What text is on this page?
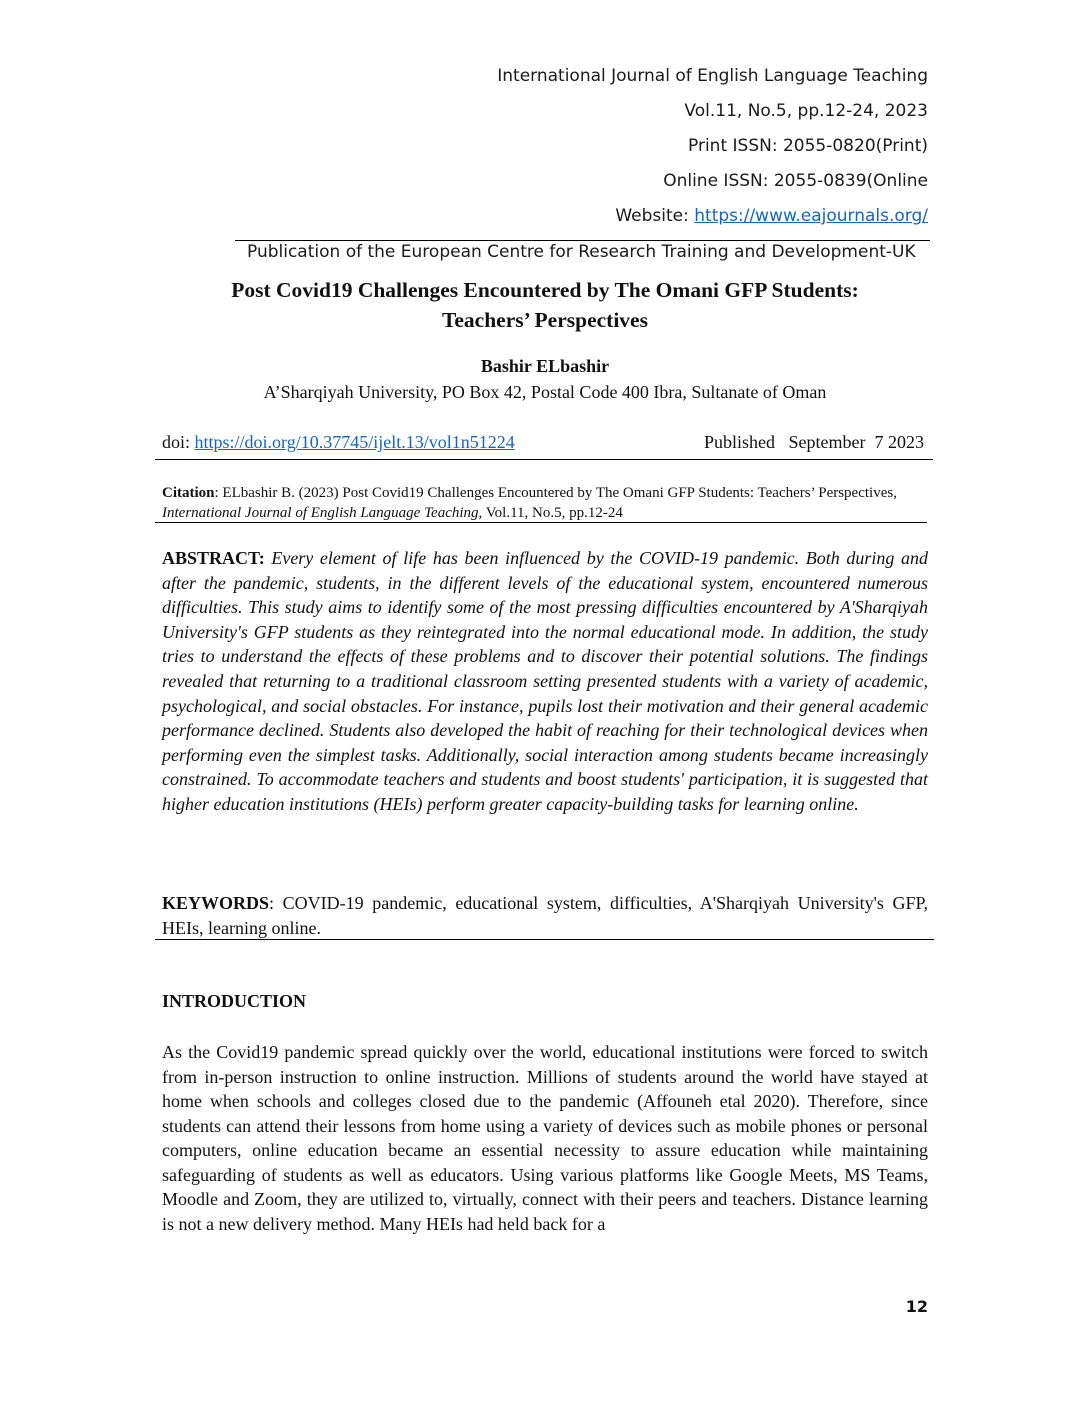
International Journal of English Language Teaching
Vol.11, No.5, pp.12-24, 2023
Print ISSN: 2055-0820(Print)
Online ISSN: 2055-0839(Online
Website: https://www.eajournals.org/
Publication of the European Centre for Research Training and Development-UK
Post Covid19 Challenges Encountered by The Omani GFP Students:
Teachers’ Perspectives
Bashir ELbashir
A’Sharqiyah University, PO Box 42, Postal Code 400 Ibra, Sultanate of Oman
doi: https://doi.org/10.37745/ijelt.13/vol1n51224	Published   September  7 2023
Citation: ELbashir B. (2023) Post Covid19 Challenges Encountered by The Omani GFP Students: Teachers’ Perspectives, International Journal of English Language Teaching, Vol.11, No.5, pp.12-24
ABSTRACT: Every element of life has been influenced by the COVID-19 pandemic. Both during and after the pandemic, students, in the different levels of the educational system, encountered numerous difficulties. This study aims to identify some of the most pressing difficulties encountered by A'Sharqiyah University's GFP students as they reintegrated into the normal educational mode. In addition, the study tries to understand the effects of these problems and to discover their potential solutions. The findings revealed that returning to a traditional classroom setting presented students with a variety of academic, psychological, and social obstacles. For instance, pupils lost their motivation and their general academic performance declined. Students also developed the habit of reaching for their technological devices when performing even the simplest tasks. Additionally, social interaction among students became increasingly constrained. To accommodate teachers and students and boost students' participation, it is suggested that higher education institutions (HEIs) perform greater capacity-building tasks for learning online.
KEYWORDS: COVID-19 pandemic, educational system, difficulties, A'Sharqiyah University's GFP, HEIs, learning online.
INTRODUCTION
As the Covid19 pandemic spread quickly over the world, educational institutions were forced to switch from in-person instruction to online instruction. Millions of students around the world have stayed at home when schools and colleges closed due to the pandemic (Affouneh etal 2020). Therefore, since students can attend their lessons from home using a variety of devices such as mobile phones or personal computers, online education became an essential necessity to assure education while maintaining safeguarding of students as well as educators. Using various platforms like Google Meets, MS Teams, Moodle and Zoom, they are utilized to, virtually, connect with their peers and teachers. Distance learning is not a new delivery method. Many HEIs had held back for a
12
